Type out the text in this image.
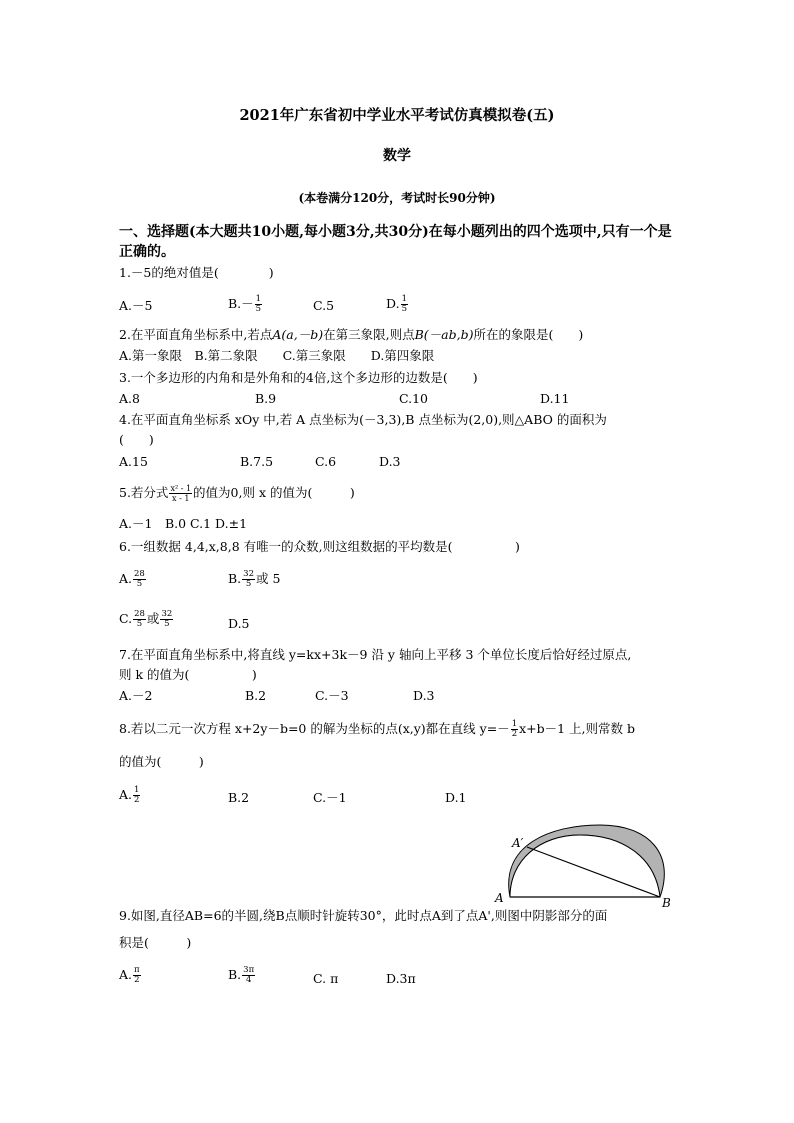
2021年广东省初中学业水平考试仿真模拟卷(五)
数学
(本卷满分120分，考试时长90分钟)
一、选择题(本大题共10小题,每小题3分,共30分)在每小题列出的四个选项中,只有一个是正确的。
1.－5的绝对值是(　　　　)
A.－5	$B.- \frac{1}{5}$	C.5	D. $\frac{1}{5}$
2.在平面直角坐标系中,若点A(a,－b)在第三象限,则点B(－ab,b)所在的象限是(　　)
A.第一象限　B.第二象限　　C.第三象限　　D.第四象限
3.一个多边形的内角和是外角和的4倍,这个多边形的边数是(　　)
A.8	B.9	C.10	D.11
4.在平面直角坐标系 xOy 中,若 A 点坐标为(－3,3),B 点坐标为(2,0),则△ABO 的面积为
(　　)
A.15	B.7.5	C.6	D.3
5.若分式 $\frac{\text{x² - 1}}{x - 1}$ 的值为0,则 x 的值为(　　　)
A.－1　B.0 C.1 D.±1
6.一组数据 4,4,x,8,8 有唯一的众数,则这组数据的平均数是(　　　　　)
A. $\frac{28}{5}$	B. $\frac{32}{5}$ 或 5
C. $\frac{28}{5}$ 或 $\frac{32}{5}$	D.5
7.在平面直角坐标系中,将直线 y=kx+3k－9 沿 y 轴向上平移 3 个单位长度后恰好经过原点,
则 k 的值为(　　　　　)
A.－2	B.2	C.－3	D.3
8.若以二元一次方程 x+2y－b=0 的解为坐标的点(x,y)都在直线 $y=- \frac{1}{2} x+b-1$ 上,则常数 b
的值为(　　　)
A. $\frac{1}{2}$	B.2	C.－1	D.1
A	B
A′
9.如图,直径AB=6的半圆,绕B点顺时针旋转30°，此时点A到了点A',则图中阴影部分的面
积是(　　　)
A. $\frac{\pi}{2}$	B. $\frac{3\pi}{4}$	C. π	D.3π
